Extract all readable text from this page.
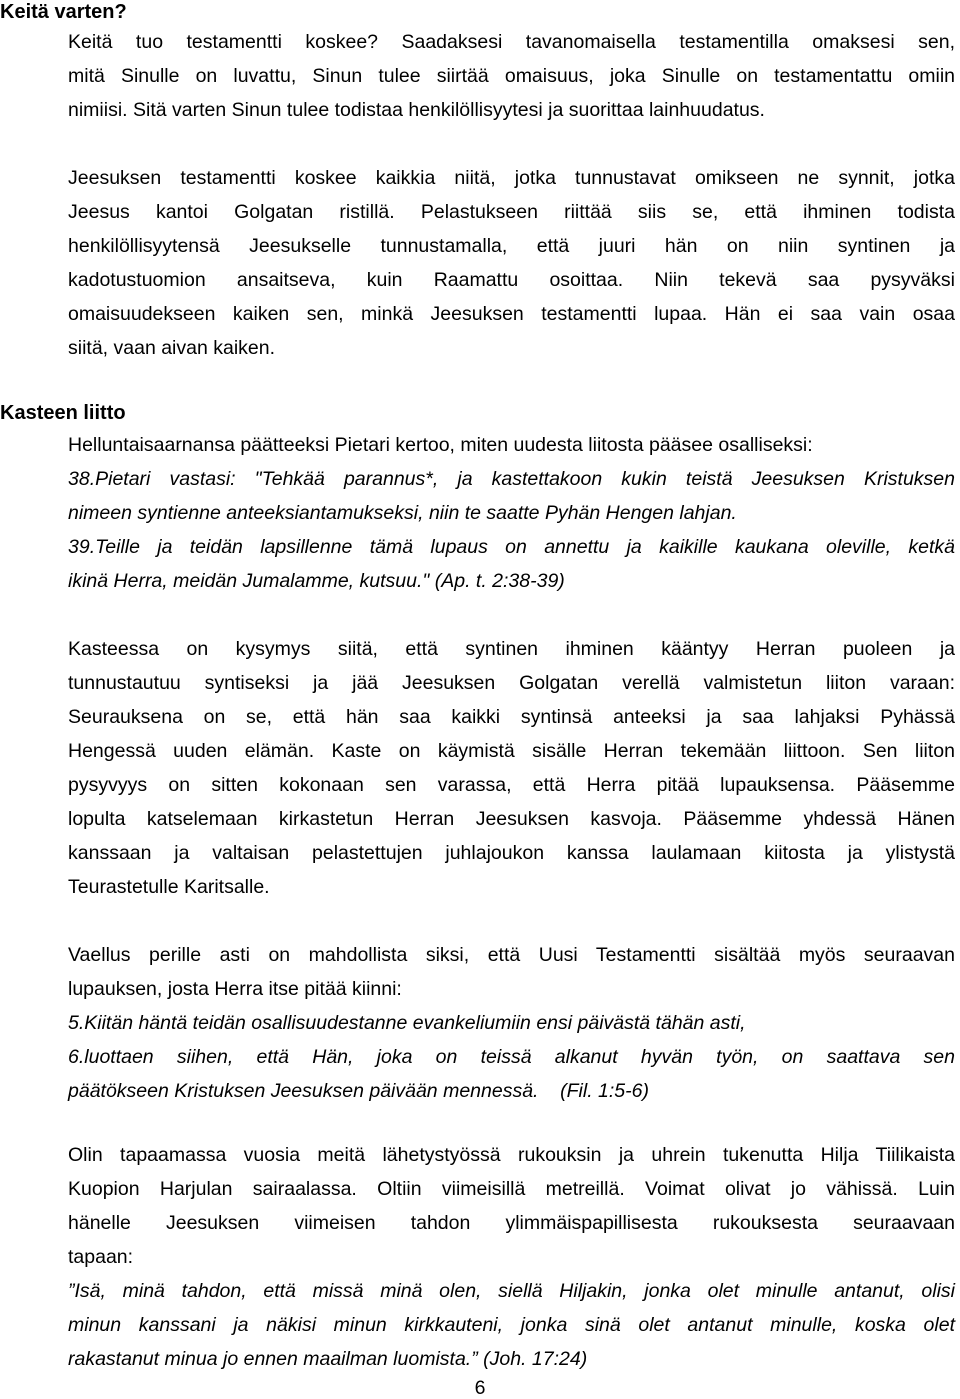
Keitä varten?
Keitä tuo testamentti koskee? Saadaksesi tavanomaisella testamentilla omaksesi sen,
mitä Sinulle on luvattu, Sinun tulee siirtää omaisuus, joka Sinulle on testamentattu omiin
nimiisi. Sitä varten Sinun tulee todistaa henkilöllisyytesi ja suorittaa lainhuudatus.
Jeesuksen testamentti koskee kaikkia niitä, jotka tunnustavat omikseen ne synnit, jotka
Jeesus kantoi Golgatan ristillä. Pelastukseen riittää siis se, että ihminen todista
henkilöllisyytensä Jeesukselle tunnustamalla, että juuri hän on niin syntinen ja
kadotustuomion ansaitseva, kuin Raamattu osoittaa. Niin tekevä saa pysyväksi
omaisuudekseen kaiken sen, minkä Jeesuksen testamentti lupaa. Hän ei saa vain osaa
siitä, vaan aivan kaiken.
Kasteen liitto
Helluntaisaarnansa päätteeksi Pietari kertoo, miten uudesta liitosta pääsee osalliseksi:
38.Pietari vastasi: "Tehkää parannus*, ja kastettakoon kukin teistä Jeesuksen Kristuksen
nimeen syntienne anteeksiantamukseksi, niin te saatte Pyhän Hengen lahjan.
39.Teille ja teidän lapsillenne tämä lupaus on annettu ja kaikille kaukana oleville, ketkä
ikinä Herra, meidän Jumalamme, kutsuu." (Ap. t. 2:38-39)
Kasteessa on kysymys siitä, että syntinen ihminen kääntyy Herran puoleen ja
tunnustautuu syntiseksi ja jää Jeesuksen Golgatan verellä valmistetun liiton varaan:
Seurauksena on se, että hän saa kaikki syntinsä anteeksi ja saa lahjaksi Pyhässä
Hengessä uuden elämän. Kaste on käymistä sisälle Herran tekemään liittoon. Sen liiton
pysyvyys on sitten kokonaan sen varassa, että Herra pitää lupauksensa. Pääsemme
lopulta katselemaan kirkastetun Herran Jeesuksen kasvoja. Pääsemme yhdessä Hänen
kanssaan ja valtaisan pelastettujen juhlajoukon kanssa laulamaan kiitosta ja ylistystä
Teurastetulle Karitsalle.
Vaellus perille asti on mahdollista siksi, että Uusi Testamentti sisältää myös seuraavan
lupauksen, josta Herra itse pitää kiinni:
5.Kiitän häntä teidän osallisuudestanne evankeliumiin ensi päivästä tähän asti,
6.luottaen siihen, että Hän, joka on teissä alkanut hyvän työn, on saattava sen
päätökseen Kristuksen Jeesuksen päivään mennessä.    (Fil. 1:5-6)
Olin tapaamassa vuosia meitä lähetystyössä rukouksin ja uhrein tukenutta Hilja Tiilikaista
Kuopion Harjulan sairaalassa. Oltiin viimeisillä metreillä. Voimat olivat jo vähissä. Luin
hänelle Jeesuksen viimeisen tahdon ylimmäispapillisesta rukouksesta seuraavaan
tapaan:
”Isä, minä tahdon, että missä minä olen, siellä Hiljakin, jonka olet minulle antanut, olisi
minun kanssani ja näkisi minun kirkkauteni, jonka sinä olet antanut minulle, koska olet
rakastanut minua jo ennen maailman luomista.” (Joh. 17:24)
6
